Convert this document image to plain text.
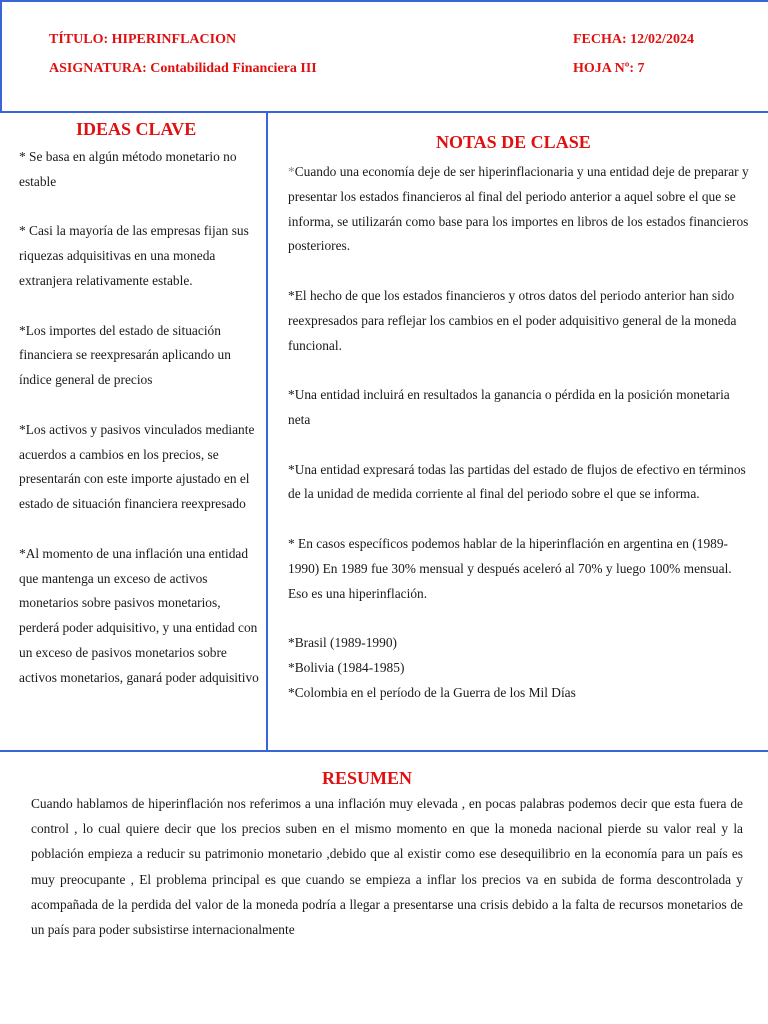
TÍTULO: HIPERINFLACION
ASIGNATURA: Contabilidad Financiera III
FECHA: 12/02/2024
HOJA Nº: 7
IDEAS CLAVE

* Se basa en algún método monetario no estable

* Casi la mayoría de las empresas fijan sus riquezas adquisitivas en una moneda extranjera relativamente estable.

*Los importes del estado de situación financiera se reexpresarán aplicando un índice general de precios

*Los activos y pasivos vinculados mediante acuerdos a cambios en los precios, se presentarán con este importe ajustado en el estado de situación financiera reexpresado

*Al momento de una inflación una entidad que mantenga un exceso de activos monetarios sobre pasivos monetarios, perderá poder adquisitivo, y una entidad con un exceso de pasivos monetarios sobre activos monetarios, ganará poder adquisitivo

NOTAS DE CLASE

*Cuando una economía deje de ser hiperinflacionaria y una entidad deje de preparar y presentar los estados financieros al final del periodo anterior a aquel sobre el que se informa, se utilizarán como base para los importes en libros de los estados financieros posteriores.

*El hecho de que los estados financieros y otros datos del periodo anterior han sido reexpresados para reflejar los cambios en el poder adquisitivo general de la moneda funcional.

*Una entidad incluirá en resultados la ganancia o pérdida en la posición monetaria neta

*Una entidad expresará todas las partidas del estado de flujos de efectivo en términos de la unidad de medida corriente al final del periodo sobre el que se informa.

* En casos específicos podemos hablar de la hiperinflación en argentina en (1989-1990) En 1989 fue 30% mensual y después aceleró al 70% y luego 100% mensual. Eso es una hiperinflación.

*Brasil (1989-1990)

*Bolivia (1984-1985)

*Colombia en el período de la Guerra de los Mil Días

RESUMEN
Cuando hablamos de hiperinflación nos referimos a una inflación muy elevada , en pocas palabras podemos decir que esta fuera de control , lo cual quiere decir que los precios suben en el mismo momento en que la moneda nacional pierde su valor real y la población empieza a reducir su patrimonio monetario ,debido que al existir como ese desequilibrio en la economía para un país es muy preocupante , El problema principal es que cuando se empieza a inflar los precios va en subida de forma descontrolada y acompañada de la perdida del valor de la moneda podría a llegar a presentarse una crisis debido a la falta de recursos monetarios de un país para poder subsistirse internacionalmente
